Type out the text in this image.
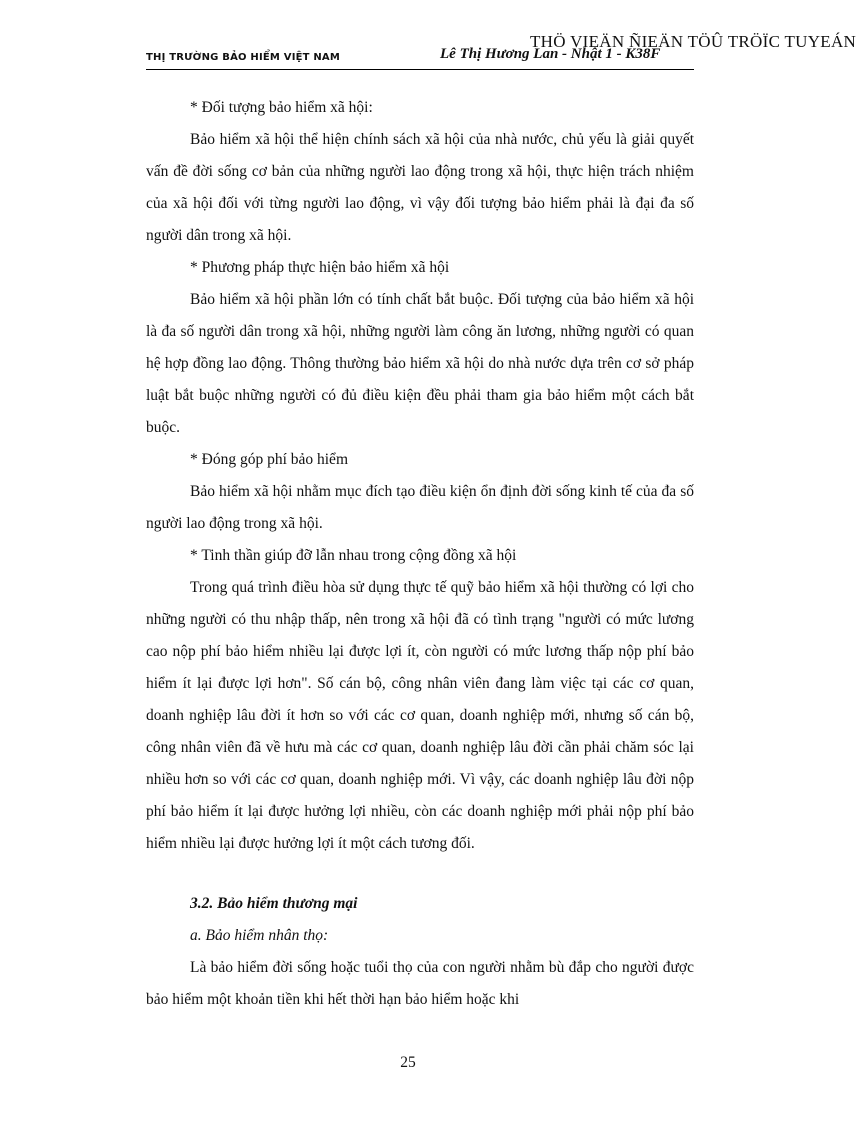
THÖ VIEÄN ÑIEÄN TÖÛ TRÖÏC TUYEÁN
THỊ TRƯỜNG BẢO HIỂM VIỆT NAM	Lê Thị Hương Lan - Nhật 1 - K38F

* Đối tượng bảo hiểm xã hội:

Bảo hiểm xã hội thể hiện chính sách xã hội của nhà nước, chủ yếu là giải quyết vấn đề đời sống cơ bản của những người lao động trong xã hội, thực hiện trách nhiệm của xã hội đối với từng người lao động, vì vậy đối tượng bảo hiểm phải là đại đa số người dân trong xã hội.

* Phương pháp thực hiện bảo hiểm xã hội

Bảo hiểm xã hội phần lớn có tính chất bắt buộc. Đối tượng của bảo hiểm xã hội là đa số người dân trong xã hội, những người làm công ăn lương, những người có quan hệ hợp đồng lao động. Thông thường bảo hiểm xã hội do nhà nước dựa trên cơ sở pháp luật bắt buộc những người có đủ điều kiện đều phải tham gia bảo hiểm một cách bắt buộc.

* Đóng góp phí bảo hiểm

Bảo hiểm xã hội nhằm mục đích tạo điều kiện ổn định đời sống kinh tế của đa số người lao động trong xã hội.

* Tinh thần giúp đỡ lẫn nhau trong cộng đồng xã hội

Trong quá trình điều hòa sử dụng thực tế quỹ bảo hiểm xã hội thường có lợi cho những người có thu nhập thấp, nên trong xã hội đã có tình trạng "người có mức lương cao nộp phí bảo hiểm nhiều lại được lợi ít, còn người có mức lương thấp nộp phí bảo hiểm ít lại được lợi hơn". Số cán bộ, công nhân viên đang làm việc tại các cơ quan, doanh nghiệp lâu đời ít hơn so với các cơ quan, doanh nghiệp mới, nhưng số cán bộ, công nhân viên đã về hưu mà các cơ quan, doanh nghiệp lâu đời cần phải chăm sóc lại nhiều hơn so với các cơ quan, doanh nghiệp mới. Vì vậy, các doanh nghiệp lâu đời nộp phí bảo hiểm ít lại được hưởng lợi nhiều, còn các doanh nghiệp mới phải nộp phí bảo hiểm nhiều lại được hưởng lợi ít một cách tương đối.

3.2. Bảo hiểm thương mại

a. Bảo hiểm nhân thọ:

Là bảo hiểm đời sống hoặc tuổi thọ của con người nhằm bù đắp cho người được bảo hiểm một khoản tiền khi hết thời hạn bảo hiểm hoặc khi

25
